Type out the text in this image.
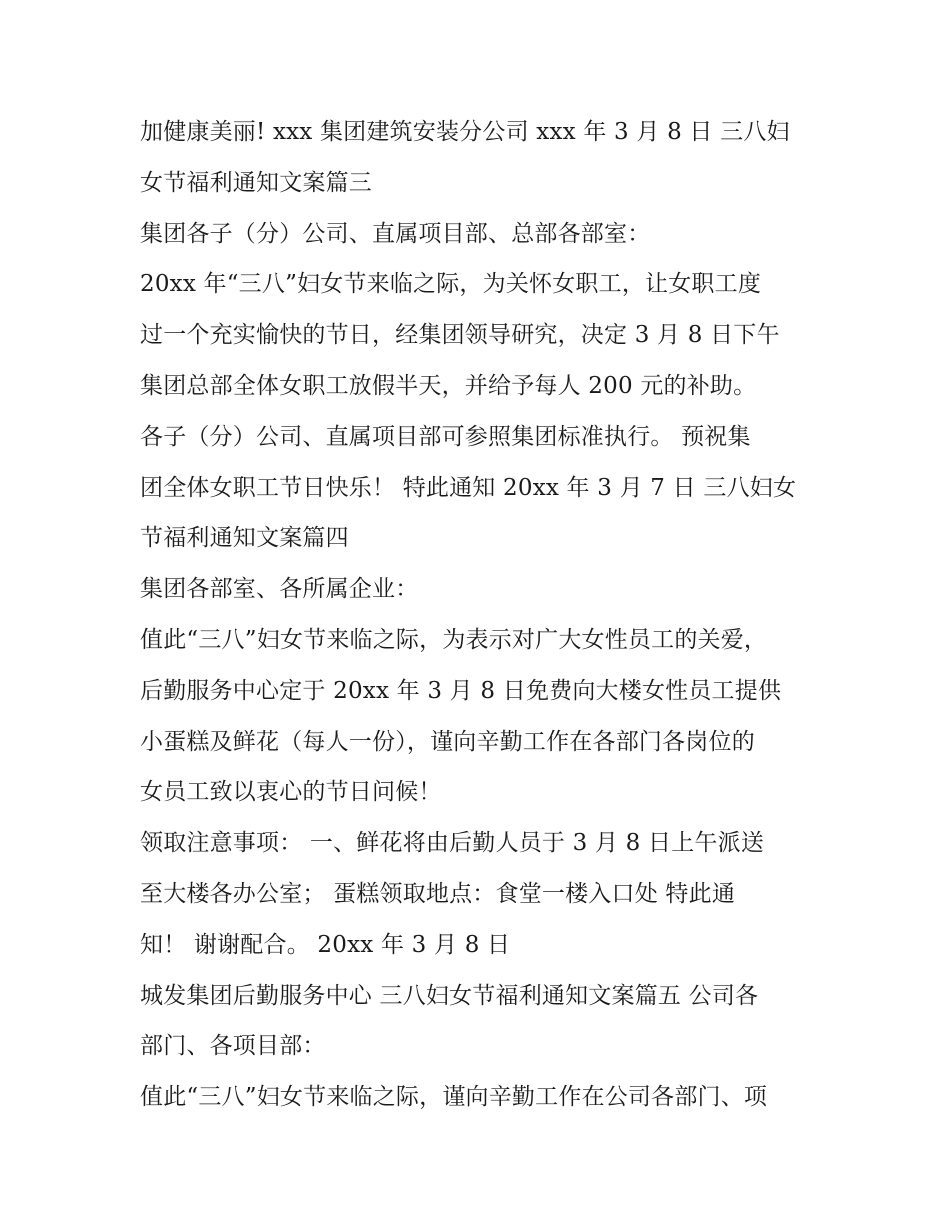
加健康美丽! xxx 集团建筑安装分公司 xxx 年 3 月 8 日 三八妇
女节福利通知文案篇三
集团各子（分）公司、直属项目部、总部各部室：
20xx 年“三八”妇女节来临之际，为关怀女职工，让女职工度
过一个充实愉快的节日，经集团领导研究，决定 3 月 8 日下午
集团总部全体女职工放假半天，并给予每人 200 元的补助。
各子（分）公司、直属项目部可参照集团标准执行。 预祝集
团全体女职工节日快乐！ 特此通知 20xx 年 3 月 7 日 三八妇女
节福利通知文案篇四
集团各部室、各所属企业：
值此“三八”妇女节来临之际，为表示对广大女性员工的关爱，
后勤服务中心定于 20xx 年 3 月 8 日免费向大楼女性员工提供
小蛋糕及鲜花（每人一份），谨向辛勤工作在各部门各岗位的
女员工致以衷心的节日问候！
领取注意事项： 一、鲜花将由后勤人员于 3 月 8 日上午派送
至大楼各办公室； 蛋糕领取地点：食堂一楼入口处 特此通
知！ 谢谢配合。 20xx 年 3 月 8 日
城发集团后勤服务中心 三八妇女节福利通知文案篇五 公司各
部门、各项目部：
值此“三八”妇女节来临之际，谨向辛勤工作在公司各部门、项
